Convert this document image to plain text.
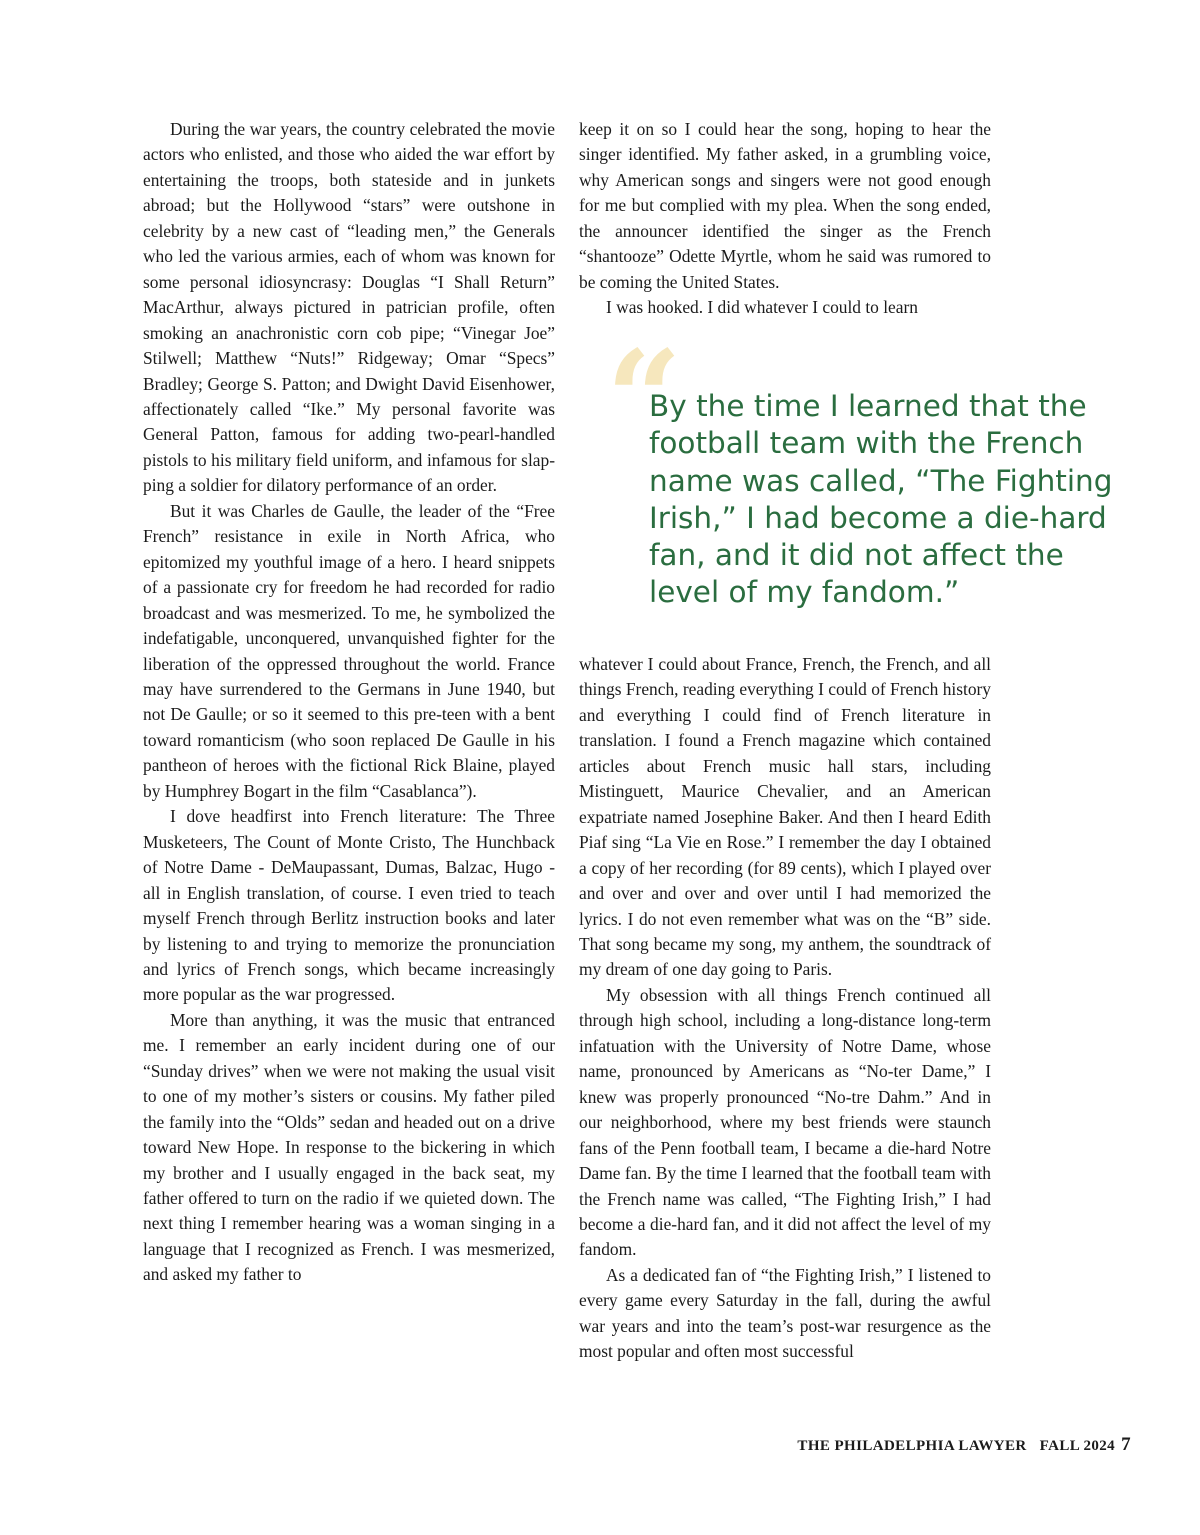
During the war years, the country celebrated the movie actors who enlisted, and those who aided the war effort by entertaining the troops, both stateside and in junkets abroad; but the Hollywood “stars” were outshone in celebrity by a new cast of “leading men,” the Generals who led the various armies, each of whom was known for some personal idiosyncrasy: Douglas “I Shall Return” MacArthur, always pictured in patrician profile, often smoking an anachronistic corn cob pipe; “Vinegar Joe” Stilwell; Matthew “Nuts!” Ridgeway; Omar “Specs” Bradley; George S. Patton; and Dwight David Eisenhower, affectionately called “Ike.” My personal favorite was General Patton, famous for adding two-pearl-handled pistols to his military field uniform, and infamous for slapping a soldier for dilatory performance of an order.

But it was Charles de Gaulle, the leader of the “Free French” resistance in exile in North Africa, who epitomized my youthful image of a hero. I heard snippets of a passionate cry for freedom he had recorded for radio broadcast and was mesmerized. To me, he symbolized the indefatigable, unconquered, unvanquished fighter for the liberation of the oppressed throughout the world. France may have surrendered to the Germans in June 1940, but not De Gaulle; or so it seemed to this pre-teen with a bent toward romanticism (who soon replaced De Gaulle in his pantheon of heroes with the fictional Rick Blaine, played by Humphrey Bogart in the film “Casablanca”).

I dove headfirst into French literature: The Three Musketeers, The Count of Monte Cristo, The Hunchback of Notre Dame - DeMaupassant, Dumas, Balzac, Hugo - all in English translation, of course. I even tried to teach myself French through Berlitz instruction books and later by listening to and trying to memorize the pronunciation and lyrics of French songs, which became increasingly more popular as the war progressed.

More than anything, it was the music that entranced me. I remember an early incident during one of our “Sunday drives” when we were not making the usual visit to one of my mother’s sisters or cousins. My father piled the family into the “Olds” sedan and headed out on a drive toward New Hope. In response to the bickering in which my brother and I usually engaged in the back seat, my father offered to turn on the radio if we quieted down. The next thing I remember hearing was a woman singing in a language that I recognized as French. I was mesmerized, and asked my father to

keep it on so I could hear the song, hoping to hear the singer identified. My father asked, in a grumbling voice, why American songs and singers were not good enough for me but complied with my plea. When the song ended, the announcer identified the singer as the French “shantooze” Odette Myrtle, whom he said was rumored to be coming the United States.

I was hooked. I did whatever I could to learn

“
By the time I learned that the football team with the French name was called, “The Fighting Irish,” I had become a die-hard fan, and it did not affect the level of my fandom.”

whatever I could about France, French, the French, and all things French, reading everything I could of French history and everything I could find of French literature in translation. I found a French magazine which contained articles about French music hall stars, including Mistinguett, Maurice Chevalier, and an American expatriate named Josephine Baker. And then I heard Edith Piaf sing “La Vie en Rose.” I remember the day I obtained a copy of her recording (for 89 cents), which I played over and over and over and over until I had memorized the lyrics. I do not even remember what was on the “B” side. That song became my song, my anthem, the soundtrack of my dream of one day going to Paris.

My obsession with all things French continued all through high school, including a long-distance long-term infatuation with the University of Notre Dame, whose name, pronounced by Americans as “No-ter Dame,” I knew was properly pronounced “No-tre Dahm.” And in our neighborhood, where my best friends were staunch fans of the Penn football team, I became a die-hard Notre Dame fan. By the time I learned that the football team with the French name was called, “The Fighting Irish,” I had become a die-hard fan, and it did not affect the level of my fandom.

As a dedicated fan of “the Fighting Irish,” I listened to every game every Saturday in the fall, during the awful war years and into the team’s post-war resurgence as the most popular and often most successful

THE PHILADELPHIA LAWYER FALL 2024 7
